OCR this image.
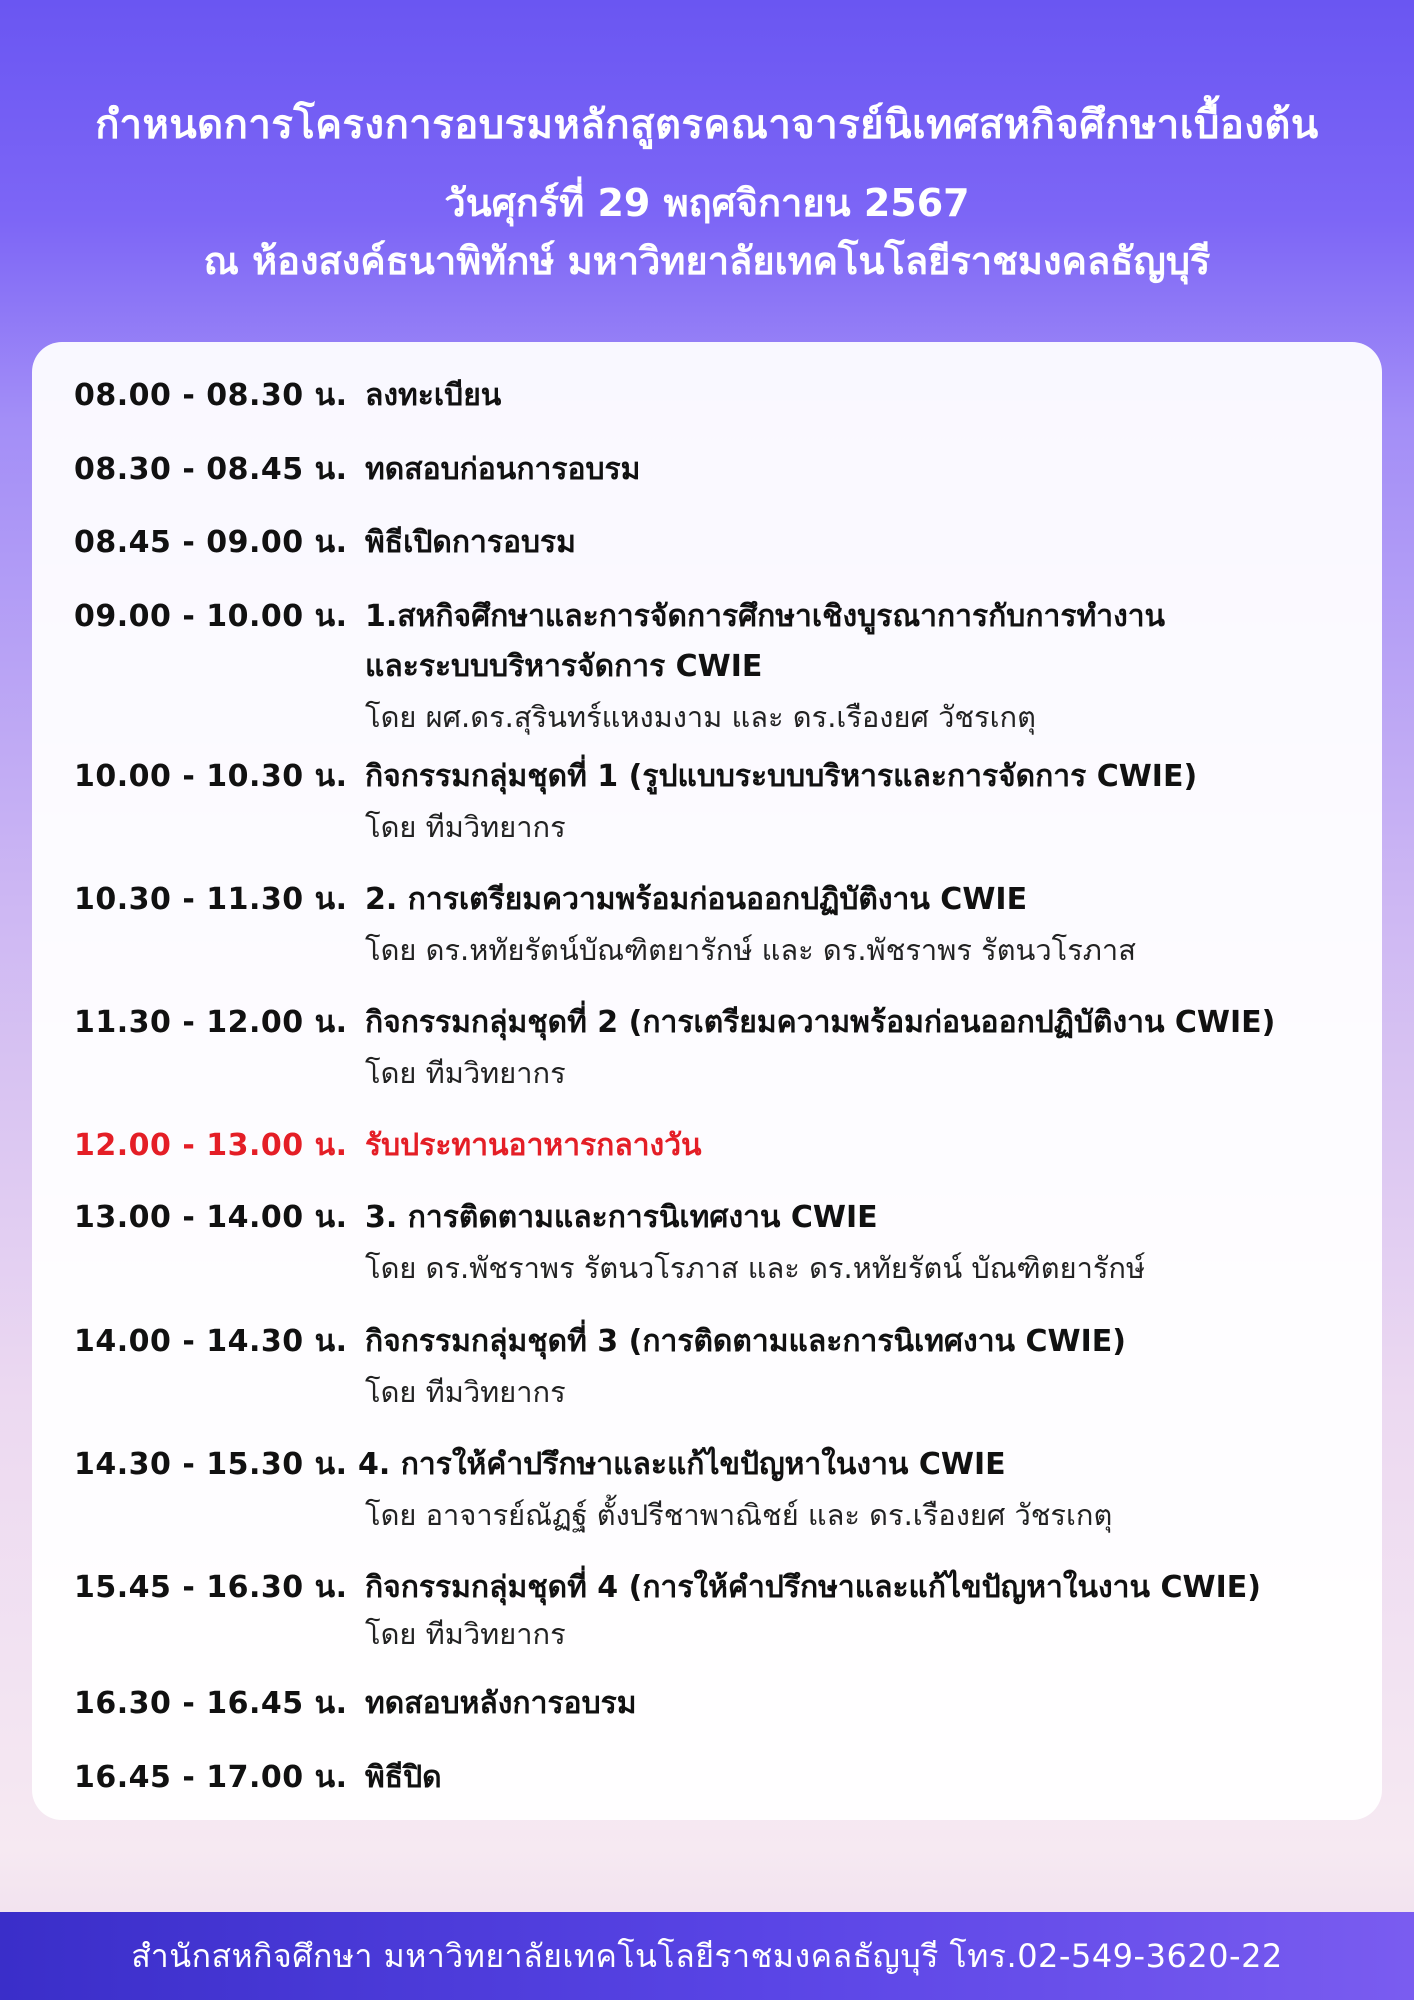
กำหนดการโครงการอบรมหลักสูตรคณาจารย์นิเทศสหกิจศึกษาเบื้องต้น
วันศุกร์ที่ 29 พฤศจิกายน 2567
ณ ห้องสงค์ธนาพิทักษ์ มหาวิทยาลัยเทคโนโลยีราชมงคลธัญบุรี
08.00 - 08.30 น. ลงทะเบียน
08.30 - 08.45 น. ทดสอบก่อนการอบรม
08.45 - 09.00 น. พิธีเปิดการอบรม
09.00 - 10.00 น. 1.สหกิจศึกษาและการจัดการศึกษาเชิงบูรณาการกับการทำงาน
และระบบบริหารจัดการ CWIE
โดย ผศ.ดร.สุรินทร์แหงมงาม และ ดร.เรืองยศ วัชรเกตุ
10.00 - 10.30 น. กิจกรรมกลุ่มชุดที่ 1 (รูปแบบระบบบริหารและการจัดการ CWIE)
โดย ทีมวิทยากร
10.30 - 11.30 น. 2. การเตรียมความพร้อมก่อนออกปฏิบัติงาน CWIE
โดย ดร.หทัยรัตน์บัณฑิตยารักษ์ และ ดร.พัชราพร รัตนวโรภาส
11.30 - 12.00 น. กิจกรรมกลุ่มชุดที่ 2 (การเตรียมความพร้อมก่อนออกปฏิบัติงาน CWIE)
โดย ทีมวิทยากร
12.00 - 13.00 น. รับประทานอาหารกลางวัน
13.00 - 14.00 น. 3. การติดตามและการนิเทศงาน CWIE
โดย ดร.พัชราพร รัตนวโรภาส และ ดร.หทัยรัตน์ บัณฑิตยารักษ์
14.00 - 14.30 น. กิจกรรมกลุ่มชุดที่ 3 (การติดตามและการนิเทศงาน CWIE)
โดย ทีมวิทยากร
14.30 - 15.30 น. 4. การให้คำปรึกษาและแก้ไขปัญหาในงาน CWIE
โดย อาจารย์ณัฏฐ์ ตั้งปรีชาพาณิชย์ และ ดร.เรืองยศ วัชรเกตุ
15.45 - 16.30 น. กิจกรรมกลุ่มชุดที่ 4 (การให้คำปรึกษาและแก้ไขปัญหาในงาน CWIE)
โดย ทีมวิทยากร
16.30 - 16.45 น. ทดสอบหลังการอบรม
16.45 - 17.00 น. พิธีปิด
สำนักสหกิจศึกษา มหาวิทยาลัยเทคโนโลยีราชมงคลธัญบุรี โทร.02-549-3620-22
